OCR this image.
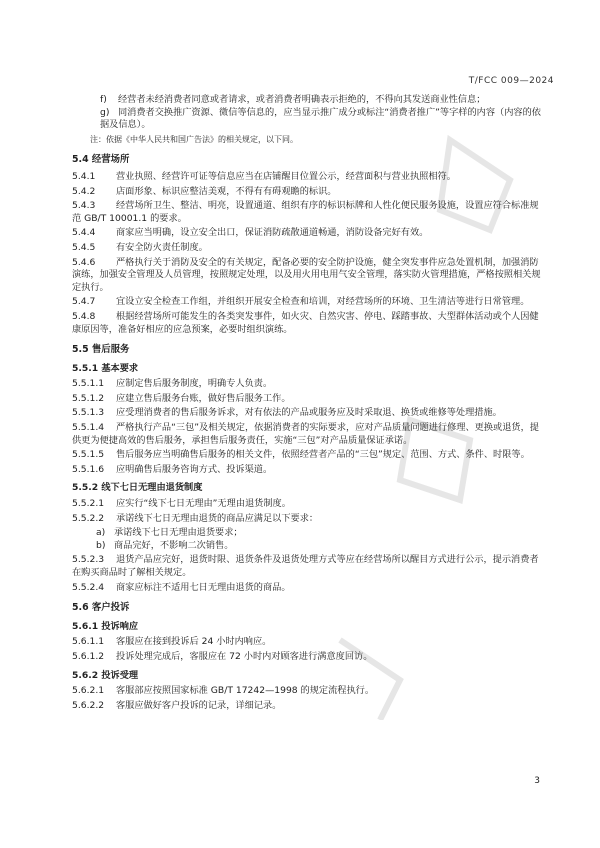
T/FCC 009—2024
f) 经营者未经消费者同意或者请求，或者消费者明确表示拒绝的，不得向其发送商业性信息；
g) 同消费者交换推广资源、微信等信息的，应当显示推广成分或标注“消费者推广”等字样的内容（内容的依据及信息）。
注：依据《中华人民共和国广告法》的相关规定，以下同。
5.4 经营场所
5.4.1 营业执照、经营许可证等信息应当在店铺醒目位置公示，经营面积与营业执照相符。
5.4.2 店面形象、标识应整洁美观，不得有有碍观瞻的标识。
5.4.3 经营场所卫生、整洁、明亮，设置通道、组织有序的标识标牌和人性化便民服务设施，设置应符合标准规范 GB/T 10001.1 的要求。
5.4.4 商家应当明确，设立安全出口，保证消防疏散通道畅通，消防设备完好有效。
5.4.5 有安全防火责任制度。
5.4.6 严格执行关于消防及安全的有关规定，配备必要的安全防护设施，健全突发事件应急处置机制，加强消防演练，加强安全管理及人员管理，按照规定处理，以及用火用电用气安全管理，落实防火管理措施，严格按照相关规定执行。
5.4.7 宜设立安全检查工作组，并组织开展安全检查和培训，对经营场所的环境、卫生清洁等进行日常管理。
5.4.8 根据经营场所可能发生的各类突发事件，如火灾、自然灾害、停电、踩踏事故、大型群体活动或个人因健康原因等，准备好相应的应急预案，必要时组织演练。
5.5 售后服务
5.5.1 基本要求
5.5.1.1 应制定售后服务制度，明确专人负责。
5.5.1.2 应建立售后服务台账，做好售后服务工作。
5.5.1.3 应受理消费者的售后服务诉求，对有依法的产品或服务应及时采取退、换货或维修等处理措施。
5.5.1.4 严格执行产品“三包”及相关规定，依据消费者的实际要求，应对产品质量问题进行修理、更换或退货，提供更为便捷高效的售后服务，承担售后服务责任，实施“三包”对产品质量保证承诺。
5.5.1.5 售后服务应当明确售后服务的相关文件，依照经营者产品的“三包”规定、范围、方式、条件、时限等。
5.5.1.6 应明确售后服务咨询方式、投诉渠道。
5.5.2 线下七日无理由退货制度
5.5.2.1 应实行“线下七日无理由”无理由退货制度。
5.5.2.2 承诺线下七日无理由退货的商品应满足以下要求：
a) 承诺线下七日无理由退货要求；
b) 商品完好，不影响二次销售。
5.5.2.3 退货产品应完好，退货时限、退货条件及退货处理方式等应在经营场所以醒目方式进行公示，提示消费者在购买商品时了解相关规定。
5.5.2.4 商家应标注不适用七日无理由退货的商品。
5.6 客户投诉
5.6.1 投诉响应
5.6.1.1 客服应在接到投诉后 24 小时内响应。
5.6.1.2 投诉处理完成后，客服应在 72 小时内对顾客进行满意度回访。
5.6.2 投诉受理
5.6.2.1 客服部应按照国家标准 GB/T 17242—1998 的规定流程执行。
5.6.2.2 客服应做好客户投诉的记录，详细记录。
3
